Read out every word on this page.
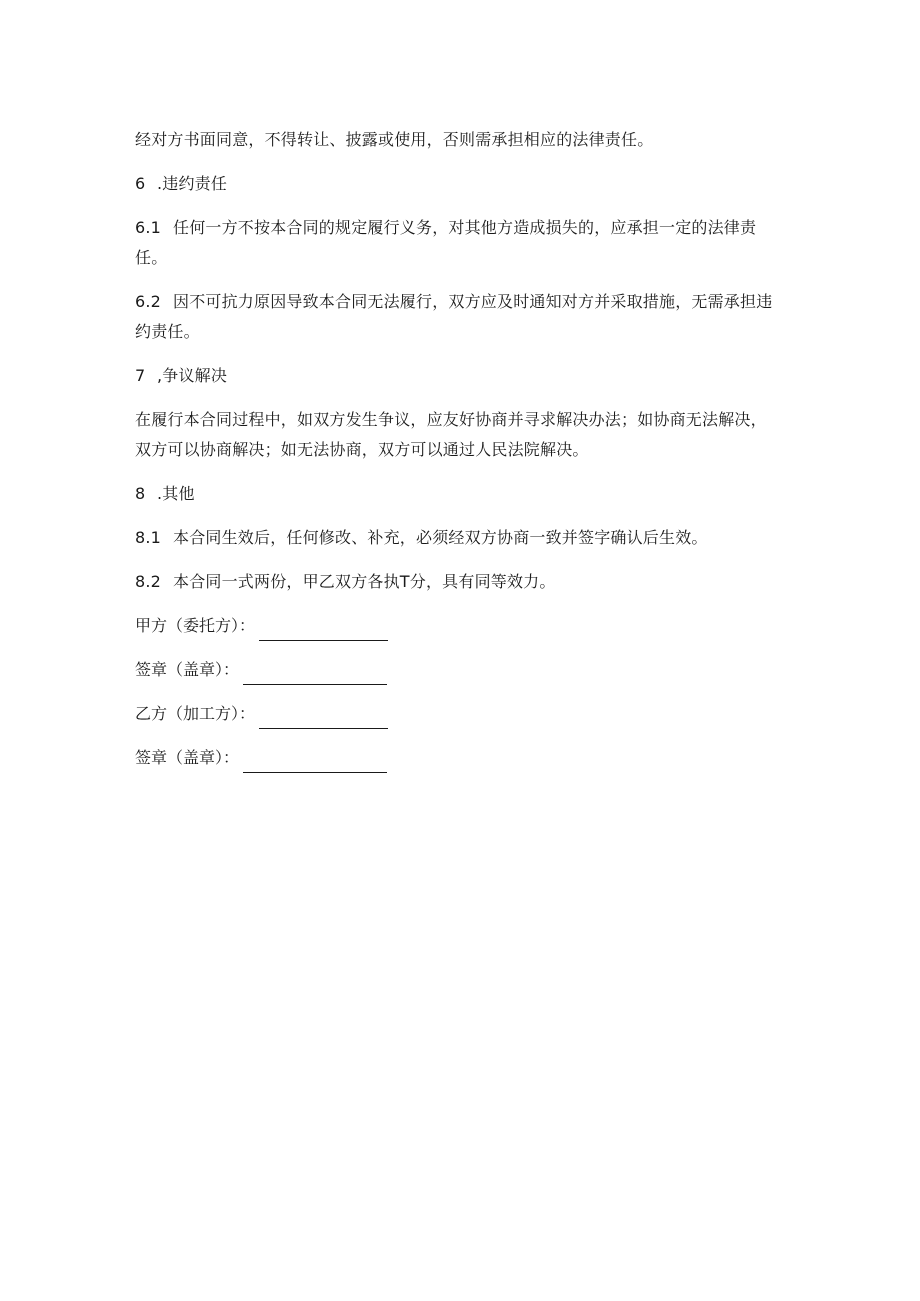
经对方书面同意，不得转让、披露或使用，否则需承担相应的法律责任。

6 .违约责任

6.1 任何一方不按本合同的规定履行义务，对其他方造成损失的，应承担一定的法律责任。

6.2 因不可抗力原因导致本合同无法履行，双方应及时通知对方并采取措施，无需承担违约责任。

7 ,争议解决

在履行本合同过程中，如双方发生争议，应友好协商并寻求解决办法；如协商无法解决，双方可以协商解决；如无法协商，双方可以通过人民法院解决。

8 .其他

8.1 本合同生效后，任何修改、补充，必须经双方协商一致并签字确认后生效。

8.2 本合同一式两份，甲乙双方各执T分，具有同等效力。

甲方（委托方）：
签章（盖章）：
乙方（加工方）：
签章（盖章）：
